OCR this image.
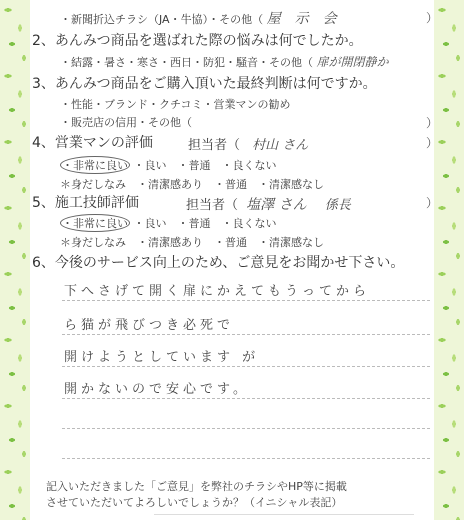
・新聞折込チラシ（JA・牛協）・その他（ 屋　示　会	）
2、あんみつ商品を選ばれた際の悩みは何でしたか。
・結露・暑さ・寒さ・西日・防犯・騒音・その他（ 扉が開閉静か
3、あんみつ商品をご購入頂いた最終判断は何ですか。
・性能・ブランド・クチコミ・営業マンの勧め
・販売店の信用・その他（	）
4、営業マンの評価	担当者（ 村山 さん	）
・非常に良い ・良い　・普通　・良くない
＊身だしなみ　・清潔感あり　・普通　・清潔感なし
5、施工技師評価	担当者（ 塩澤 さん 係長	）
・非常に良い ・良い　・普通　・良くない
＊身だしなみ　・清潔感あり　・普通　・清潔感なし
6、今後のサービス向上のため、ご意見をお聞かせ下さい。
下へさげて開く扉にかえてもうってから
ら猫が飛びつき必死で
開けようとしています が
開かないので安心です。
記入いただきました「ご意見」を弊社のチラシやHP等に掲載
させていただいてよろしいでしょうか？（イニシャル表記）
